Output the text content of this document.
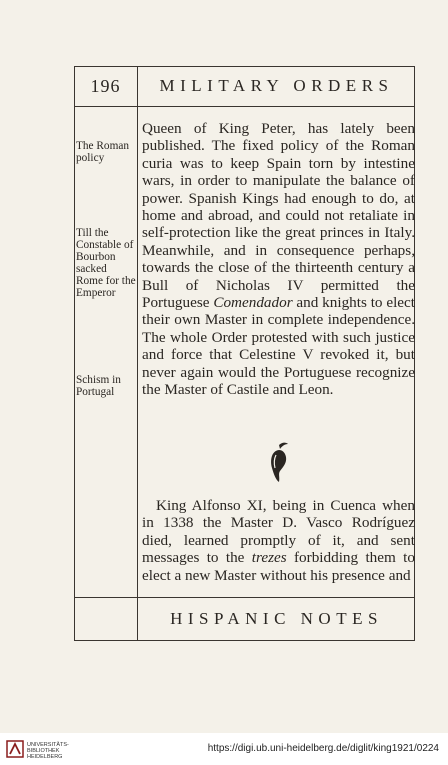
196	MILITARY ORDERS
The Roman policy
Till the Constable of Bourbon sacked Rome for the Emperor
Schism in Portugal
Queen of King Peter, has lately been published. The fixed policy of the Roman curia was to keep Spain torn by intestine wars, in order to manipulate the balance of power. Spanish Kings had enough to do, at home and abroad, and could not retaliate in self-protection like the great princes in Italy. Meanwhile, and in consequence perhaps, towards the close of the thirteenth century a Bull of Nicholas IV permitted the Portuguese Comendador and knights to elect their own Master in complete independence. The whole Order protested with such justice and force that Celestine V revoked it, but never again would the Portuguese recognize the Master of Castile and Leon.
King Alfonso XI, being in Cuenca when in 1338 the Master D. Vasco Rodríguez died, learned promptly of it, and sent messages to the trezes forbidding them to elect a new Master without his presence and
HISPANIC NOTES
UNIVERSITÄTS-
BIBLIOTHEK
HEIDELBERG
https://digi.ub.uni-heidelberg.de/diglit/king1921/0224
